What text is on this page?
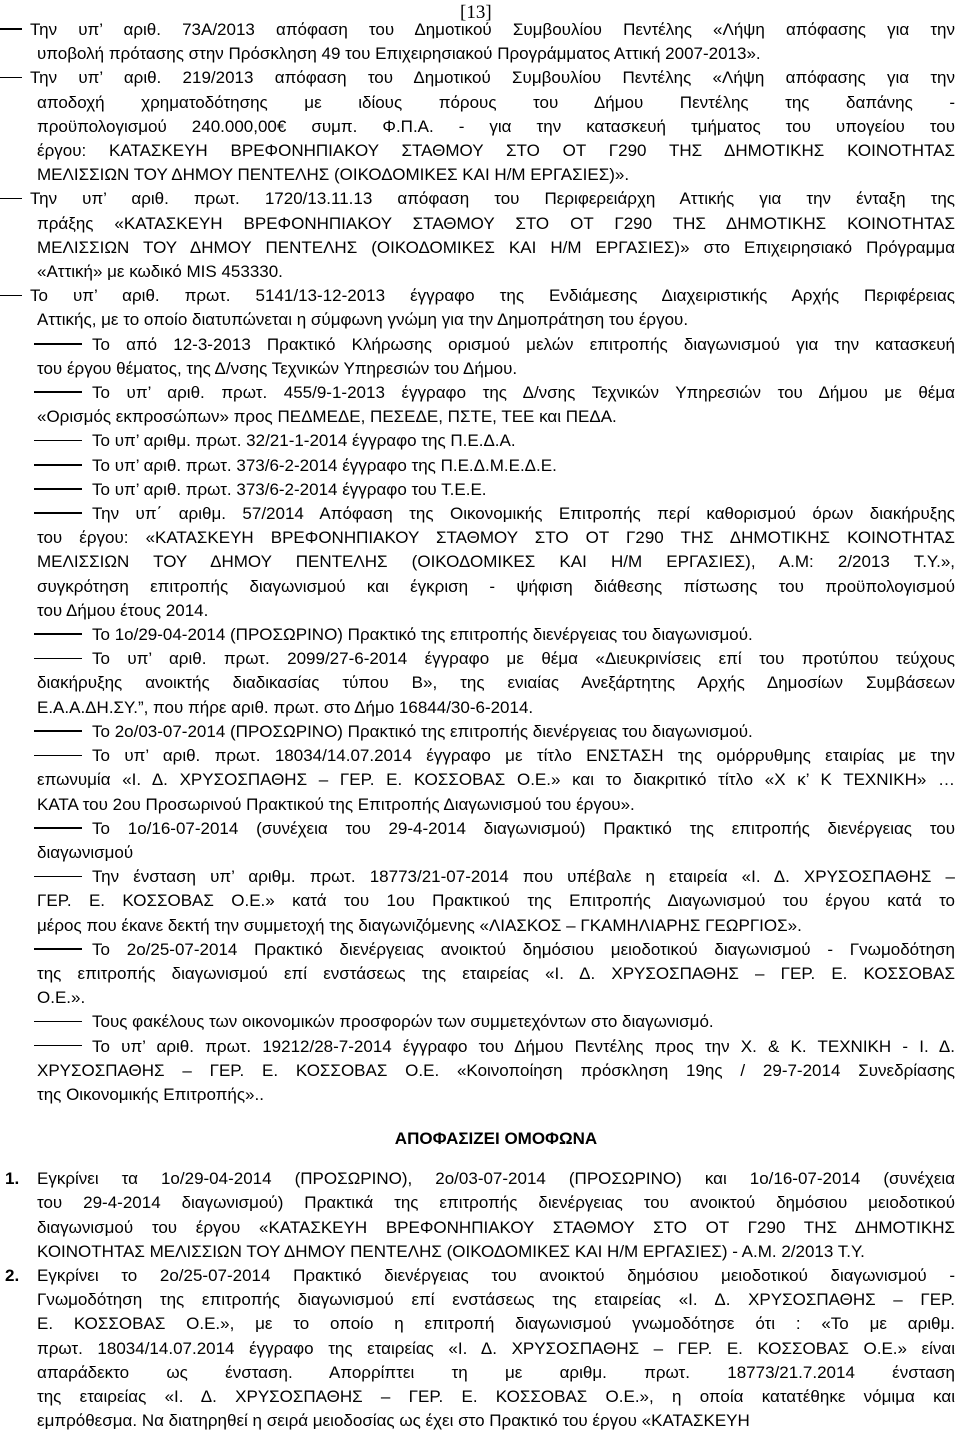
[13]
Την υπ’ αριθ. 73Α/2013 απόφαση του Δημοτικού Συμβουλίου Πεντέλης «Λήψη απόφασης για την
υποβολή πρότασης στην Πρόσκληση 49 του Επιχειρησιακού Προγράμματος Αττική 2007-2013».
Την υπ’ αριθ. 219/2013 απόφαση του Δημοτικού Συμβουλίου Πεντέλης «Λήψη απόφασης για την
αποδοχή χρηματοδότησης με ιδίους πόρους του Δήμου Πεντέλης της δαπάνης -
προϋπολογισμού 240.000,00€ συμπ. Φ.Π.Α. - για την κατασκευή τμήματος του υπογείου του
έργου: ΚΑΤΑΣΚΕΥΗ ΒΡΕΦΟΝΗΠΙΑΚΟΥ ΣΤΑΘΜΟΥ ΣΤΟ ΟΤ Γ290 ΤΗΣ ΔΗΜΟΤΙΚΗΣ ΚΟΙΝΟΤΗΤΑΣ
ΜΕΛΙΣΣΙΩΝ ΤΟΥ ΔΗΜΟΥ ΠΕΝΤΕΛΗΣ (ΟΙΚΟΔΟΜΙΚΕΣ ΚΑΙ Η/Μ ΕΡΓΑΣΙΕΣ)».
Την υπ’ αριθ. πρωτ. 1720/13.11.13 απόφαση του Περιφερειάρχη Αττικής για την ένταξη της
πράξης «ΚΑΤΑΣΚΕΥΗ ΒΡΕΦΟΝΗΠΙΑΚΟΥ ΣΤΑΘΜΟΥ ΣΤΟ ΟΤ Γ290 ΤΗΣ ΔΗΜΟΤΙΚΗΣ ΚΟΙΝΟΤΗΤΑΣ
ΜΕΛΙΣΣΙΩΝ ΤΟΥ ΔΗΜΟΥ ΠΕΝΤΕΛΗΣ (ΟΙΚΟΔΟΜΙΚΕΣ ΚΑΙ Η/Μ ΕΡΓΑΣΙΕΣ)» στο Επιχειρησιακό Πρόγραμμα
«Αττική» με κωδικό MIS 453330.
Το υπ’ αριθ. πρωτ. 5141/13-12-2013 έγγραφο της Ενδιάμεσης Διαχειριστικής Αρχής Περιφέρειας
Αττικής, με το οποίο διατυπώνεται η σύμφωνη γνώμη για την Δημοπράτηση του έργου.
Το από 12-3-2013 Πρακτικό Κλήρωσης ορισμού μελών επιτροπής διαγωνισμού για την κατασκευή
του έργου θέματος, της Δ/νσης Τεχνικών Υπηρεσιών του Δήμου.
Το υπ’ αριθ. πρωτ. 455/9-1-2013 έγγραφο της Δ/νσης Τεχνικών Υπηρεσιών του Δήμου με θέμα
«Ορισμός εκπροσώπων» προς ΠΕΔΜΕΔΕ, ΠΕΣΕΔΕ, ΠΣΤΕ, ΤΕΕ και ΠΕΔΑ.
Το υπ’ αριθμ. πρωτ. 32/21-1-2014 έγγραφο της Π.Ε.Δ.Α.
Το υπ’ αριθ. πρωτ. 373/6-2-2014 έγγραφο της Π.Ε.Δ.Μ.Ε.Δ.Ε.
Το υπ’ αριθ. πρωτ. 373/6-2-2014 έγγραφο του Τ.Ε.Ε.
Την υπ΄ αριθμ. 57/2014 Απόφαση της Οικονομικής Επιτροπής περί καθορισμού όρων διακήρυξης
του έργου: «ΚΑΤΑΣΚΕΥΗ ΒΡΕΦΟΝΗΠΙΑΚΟΥ ΣΤΑΘΜΟΥ ΣΤΟ ΟΤ Γ290 ΤΗΣ ΔΗΜΟΤΙΚΗΣ ΚΟΙΝΟΤΗΤΑΣ
ΜΕΛΙΣΣΙΩΝ ΤΟΥ ΔΗΜΟΥ ΠΕΝΤΕΛΗΣ (ΟΙΚΟΔΟΜΙΚΕΣ ΚΑΙ Η/Μ ΕΡΓΑΣΙΕΣ), Α.Μ: 2/2013 Τ.Υ.»,
συγκρότηση επιτροπής διαγωνισμού και έγκριση - ψήφιση διάθεσης πίστωσης του προϋπολογισμού
του Δήμου έτους 2014.
Το 1ο/29-04-2014 (ΠΡΟΣΩΡΙΝΟ) Πρακτικό της επιτροπής διενέργειας του διαγωνισμού.
Το υπ’ αριθ. πρωτ. 2099/27-6-2014 έγγραφο με θέμα «Διευκρινίσεις επί του προτύπου τεύχους
διακήρυξης ανοικτής διαδικασίας τύπου Β», της ενιαίας Ανεξάρτητης Αρχής Δημοσίων Συμβάσεων
Ε.Α.Α.ΔΗ.ΣΥ.”, που πήρε αριθ. πρωτ. στο Δήμο 16844/30-6-2014.
Το 2ο/03-07-2014 (ΠΡΟΣΩΡΙΝΟ) Πρακτικό της επιτροπής διενέργειας του διαγωνισμού.
Το υπ’ αριθ. πρωτ. 18034/14.07.2014 έγγραφο με τίτλο ΕΝΣΤΑΣΗ της ομόρρυθμης εταιρίας με την
επωνυμία «Ι. Δ. ΧΡΥΣΟΣΠΑΘΗΣ – ΓΕΡ. Ε. ΚΟΣΣΟΒΑΣ Ο.Ε.» και το διακριτικό τίτλο «Χ κ’ Κ ΤΕΧΝΙΚΗ» …
ΚΑΤΑ του 2ου Προσωρινού Πρακτικού της Επιτροπής Διαγωνισμού του έργου».
Το 1ο/16-07-2014 (συνέχεια του 29-4-2014 διαγωνισμού) Πρακτικό της επιτροπής διενέργειας του
διαγωνισμού
Την ένσταση υπ’ αριθμ. πρωτ. 18773/21-07-2014 που υπέβαλε η εταιρεία «Ι. Δ. ΧΡΥΣΟΣΠΑΘΗΣ –
ΓΕΡ. Ε. ΚΟΣΣΟΒΑΣ Ο.Ε.» κατά του 1ου Πρακτικού της Επιτροπής Διαγωνισμού του έργου κατά το
μέρος που έκανε δεκτή την συμμετοχή της διαγωνιζόμενης «ΛΙΑΣΚΟΣ – ΓΚΑΜΗΛΙΑΡΗΣ ΓΕΩΡΓΙΟΣ».
Το 2ο/25-07-2014 Πρακτικό διενέργειας ανοικτού δημόσιου μειοδοτικού διαγωνισμού - Γνωμοδότηση
της επιτροπής διαγωνισμού επί ενστάσεως της εταιρείας «Ι. Δ. ΧΡΥΣΟΣΠΑΘΗΣ – ΓΕΡ. Ε. ΚΟΣΣΟΒΑΣ
Ο.Ε.».
Τους φακέλους των οικονομικών προσφορών των συμμετεχόντων στο διαγωνισμό.
Το υπ’ αριθ. πρωτ. 19212/28-7-2014 έγγραφο του Δήμου Πεντέλης προς την Χ. & Κ. ΤΕΧΝΙΚΗ - Ι. Δ.
ΧΡΥΣΟΣΠΑΘΗΣ – ΓΕΡ. Ε. ΚΟΣΣΟΒΑΣ Ο.Ε. «Κοινοποίηση πρόσκληση 19ης / 29-7-2014 Συνεδρίασης
της Οικονομικής Επιτροπής»..
ΑΠΟΦΑΣΙΖΕΙ ΟΜΟΦΩΝΑ
1. Εγκρίνει τα 1ο/29-04-2014 (ΠΡΟΣΩΡΙΝΟ), 2ο/03-07-2014 (ΠΡΟΣΩΡΙΝΟ) και 1ο/16-07-2014 (συνέχεια
του 29-4-2014 διαγωνισμού) Πρακτικά της επιτροπής διενέργειας του ανοικτού δημόσιου μειοδοτικού
διαγωνισμού του έργου «ΚΑΤΑΣΚΕΥΗ ΒΡΕΦΟΝΗΠΙΑΚΟΥ ΣΤΑΘΜΟΥ ΣΤΟ ΟΤ Γ290 ΤΗΣ ΔΗΜΟΤΙΚΗΣ
ΚΟΙΝΟΤΗΤΑΣ ΜΕΛΙΣΣΙΩΝ ΤΟΥ ΔΗΜΟΥ ΠΕΝΤΕΛΗΣ (ΟΙΚΟΔΟΜΙΚΕΣ ΚΑΙ Η/Μ ΕΡΓΑΣΙΕΣ) - Α.Μ. 2/2013 Τ.Υ.
2. Εγκρίνει το 2ο/25-07-2014 Πρακτικό διενέργειας του ανοικτού δημόσιου μειοδοτικού διαγωνισμού -
Γνωμοδότηση της επιτροπής διαγωνισμού επί ενστάσεως της εταιρείας «Ι. Δ. ΧΡΥΣΟΣΠΑΘΗΣ – ΓΕΡ.
Ε. ΚΟΣΣΟΒΑΣ Ο.Ε.», με το οποίο η επιτροπή διαγωνισμού γνωμοδότησε ότι : «Το με αριθμ.
πρωτ. 18034/14.07.2014 έγγραφο της εταιρείας «Ι. Δ. ΧΡΥΣΟΣΠΑΘΗΣ – ΓΕΡ. Ε. ΚΟΣΣΟΒΑΣ Ο.Ε.» είναι
απαράδεκτο ως ένσταση. Απορρίπτει τη με αριθμ. πρωτ. 18773/21.7.2014 ένσταση
της εταιρείας «Ι. Δ. ΧΡΥΣΟΣΠΑΘΗΣ – ΓΕΡ. Ε. ΚΟΣΣΟΒΑΣ Ο.Ε.», η οποία κατατέθηκε νόμιμα και
εμπρόθεσμα. Να διατηρηθεί η σειρά μειοδοσίας ως έχει στο Πρακτικό του έργου «ΚΑΤΑΣΚΕΥΗ
